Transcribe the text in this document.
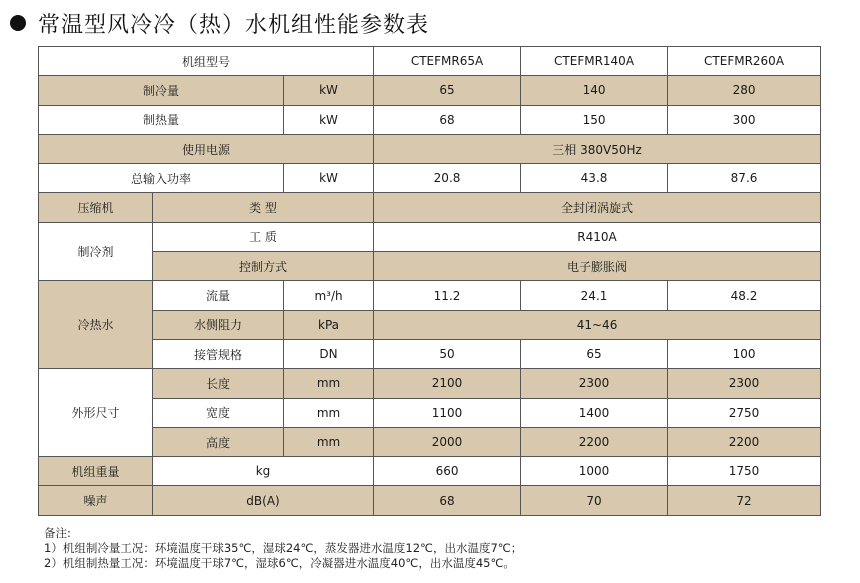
常温型风冷冷（热）水机组性能参数表
机组型号			CTEFMR65A	CTEFMR140A	CTEFMR260A
制冷量		kW	65	140	280
制热量		kW	68	150	300
使用电源			三相 380V50Hz		
总输入功率		kW	20.8	43.8	87.6
压缩机	类 型		全封闭涡旋式		
制冷剂	工 质		R410A		
	控制方式		电子膨胀阀		
冷热水	流量	m³/h	11.2	24.1	48.2
	水侧阻力	kPa	41~46		
	接管规格	DN	50	65	100
外形尺寸	长度	mm	2100	2300	2300
	宽度	mm	1100	1400	2750
	高度	mm	2000	2200	2200
机组重量	kg		660	1000	1750
噪声	dB(A)		68	70	72
备注:
1）机组制冷量工况：环境温度干球35℃，湿球24℃，蒸发器进水温度12℃，出水温度7℃；
2）机组制热量工况：环境温度干球7℃，湿球6℃，冷凝器进水温度40℃，出水温度45℃。
